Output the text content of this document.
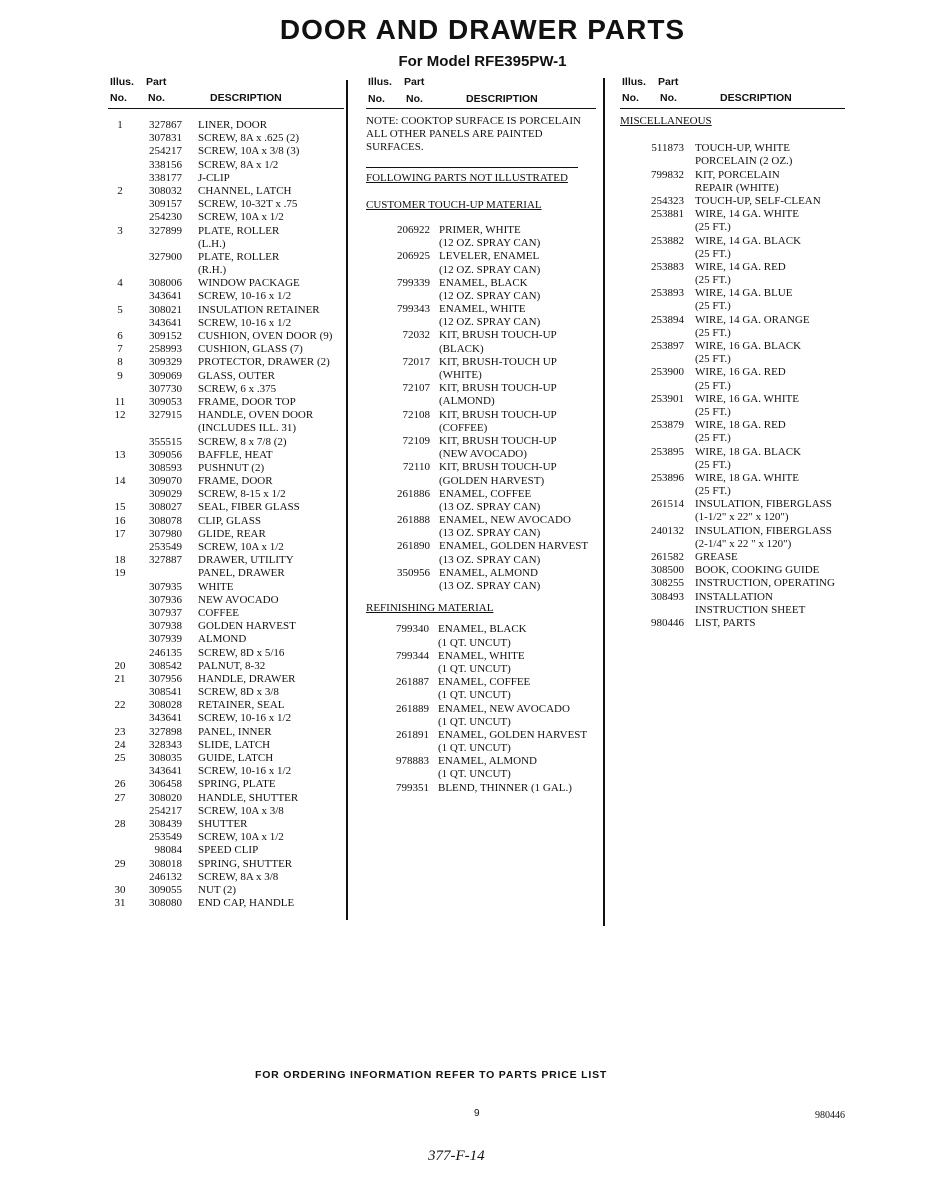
DOOR AND DRAWER PARTS
For Model RFE395PW-1
Illus. Part
No. No.	DESCRIPTION
1	327867 LINER, DOOR
307831 SCREW, 8A x .625 (2)
254217 SCREW, 10A x 3/8 (3)
338156 SCREW, 8A x 1/2
338177 J-CLIP
2	308032 CHANNEL, LATCH
309157 SCREW, 10-32T x .75
254230 SCREW, 10A x 1/2
3	327899 PLATE, ROLLER
(L.H.)
327900 PLATE, ROLLER
(R.H.)
4	308006 WINDOW PACKAGE
343641 SCREW, 10-16 x 1/2
5	308021 INSULATION RETAINER
343641 SCREW, 10-16 x 1/2
6	309152 CUSHION, OVEN DOOR (9)
7	258993 CUSHION, GLASS (7)
8	309329 PROTECTOR, DRAWER (2)
9	309069 GLASS, OUTER
307730 SCREW, 6 x .375
11	309053 FRAME, DOOR TOP
12	327915 HANDLE, OVEN DOOR
(INCLUDES ILL. 31)
355515 SCREW, 8 x 7/8 (2)
13	309056 BAFFLE, HEAT
308593 PUSHNUT (2)
14	309070 FRAME, DOOR
309029 SCREW, 8-15 x 1/2
15	308027 SEAL, FIBER GLASS
16	308078 CLIP, GLASS
17	307980 GLIDE, REAR
253549 SCREW, 10A x 1/2
18	327887 DRAWER, UTILITY
19	PANEL, DRAWER
307935 WHITE
307936 NEW AVOCADO
307937 COFFEE
307938 GOLDEN HARVEST
307939 ALMOND
246135 SCREW, 8D x 5/16
20	308542 PALNUT, 8-32
21	307956 HANDLE, DRAWER
308541 SCREW, 8D x 3/8
22	308028 RETAINER, SEAL
343641 SCREW, 10-16 x 1/2
23	327898 PANEL, INNER
24	328343 SLIDE, LATCH
25	308035 GUIDE, LATCH
343641 SCREW, 10-16 x 1/2
26	306458 SPRING, PLATE
27	308020 HANDLE, SHUTTER
254217 SCREW, 10A x 3/8
28	308439 SHUTTER
253549 SCREW, 10A x 1/2
98084 SPEED CLIP
29	308018 SPRING, SHUTTER
246132 SCREW, 8A x 3/8
30	309055 NUT (2)
31	308080 END CAP, HANDLE
Illus. Part
No. No.	DESCRIPTION
NOTE: COOKTOP SURFACE IS PORCELAIN
ALL OTHER PANELS ARE PAINTED
SURFACES.
FOLLOWING PARTS NOT ILLUSTRATED
CUSTOMER TOUCH-UP MATERIAL
206922 PRIMER, WHITE
(12 OZ. SPRAY CAN)
206925 LEVELER, ENAMEL
(12 OZ. SPRAY CAN)
799339 ENAMEL, BLACK
(12 OZ. SPRAY CAN)
799343 ENAMEL, WHITE
(12 OZ. SPRAY CAN)
72032 KIT, BRUSH TOUCH-UP
(BLACK)
72017 KIT, BRUSH-TOUCH UP
(WHITE)
72107 KIT, BRUSH TOUCH-UP
(ALMOND)
72108 KIT, BRUSH TOUCH-UP
(COFFEE)
72109 KIT, BRUSH TOUCH-UP
(NEW AVOCADO)
72110 KIT, BRUSH TOUCH-UP
(GOLDEN HARVEST)
261886 ENAMEL, COFFEE
(13 OZ. SPRAY CAN)
261888 ENAMEL, NEW AVOCADO
(13 OZ. SPRAY CAN)
261890 ENAMEL, GOLDEN HARVEST
(13 OZ. SPRAY CAN)
350956 ENAMEL, ALMOND
(13 OZ. SPRAY CAN)
REFINISHING MATERIAL
799340 ENAMEL, BLACK
(1 QT. UNCUT)
799344 ENAMEL, WHITE
(1 QT. UNCUT)
261887 ENAMEL, COFFEE
(1 QT. UNCUT)
261889 ENAMEL, NEW AVOCADO
(1 QT. UNCUT)
261891 ENAMEL, GOLDEN HARVEST
(1 QT. UNCUT)
978883 ENAMEL, ALMOND
(1 QT. UNCUT)
799351 BLEND, THINNER (1 GAL.)
Illus. Part
No. No.	DESCRIPTION
MISCELLANEOUS
511873 TOUCH-UP, WHITE
PORCELAIN (2 OZ.)
799832 KIT, PORCELAIN
REPAIR (WHITE)
254323 TOUCH-UP, SELF-CLEAN
253881 WIRE, 14 GA. WHITE
(25 FT.)
253882 WIRE, 14 GA. BLACK
(25 FT.)
253883 WIRE, 14 GA. RED
(25 FT.)
253893 WIRE, 14 GA. BLUE
(25 FT.)
253894 WIRE, 14 GA. ORANGE
(25 FT.)
253897 WIRE, 16 GA. BLACK
(25 FT.)
253900 WIRE, 16 GA. RED
(25 FT.)
253901 WIRE, 16 GA. WHITE
(25 FT.)
253879 WIRE, 18 GA. RED
(25 FT.)
253895 WIRE, 18 GA. BLACK
(25 FT.)
253896 WIRE, 18 GA. WHITE
(25 FT.)
261514 INSULATION, FIBERGLASS
(1-1/2" x 22" x 120")
240132 INSULATION, FIBERGLASS
(2-1/4" x 22 " x 120")
261582 GREASE
308500 BOOK, COOKING GUIDE
308255 INSTRUCTION, OPERATING
308493 INSTALLATION
INSTRUCTION SHEET
980446 LIST, PARTS
FOR ORDERING INFORMATION REFER TO PARTS PRICE LIST
9	980446
377-F-14
